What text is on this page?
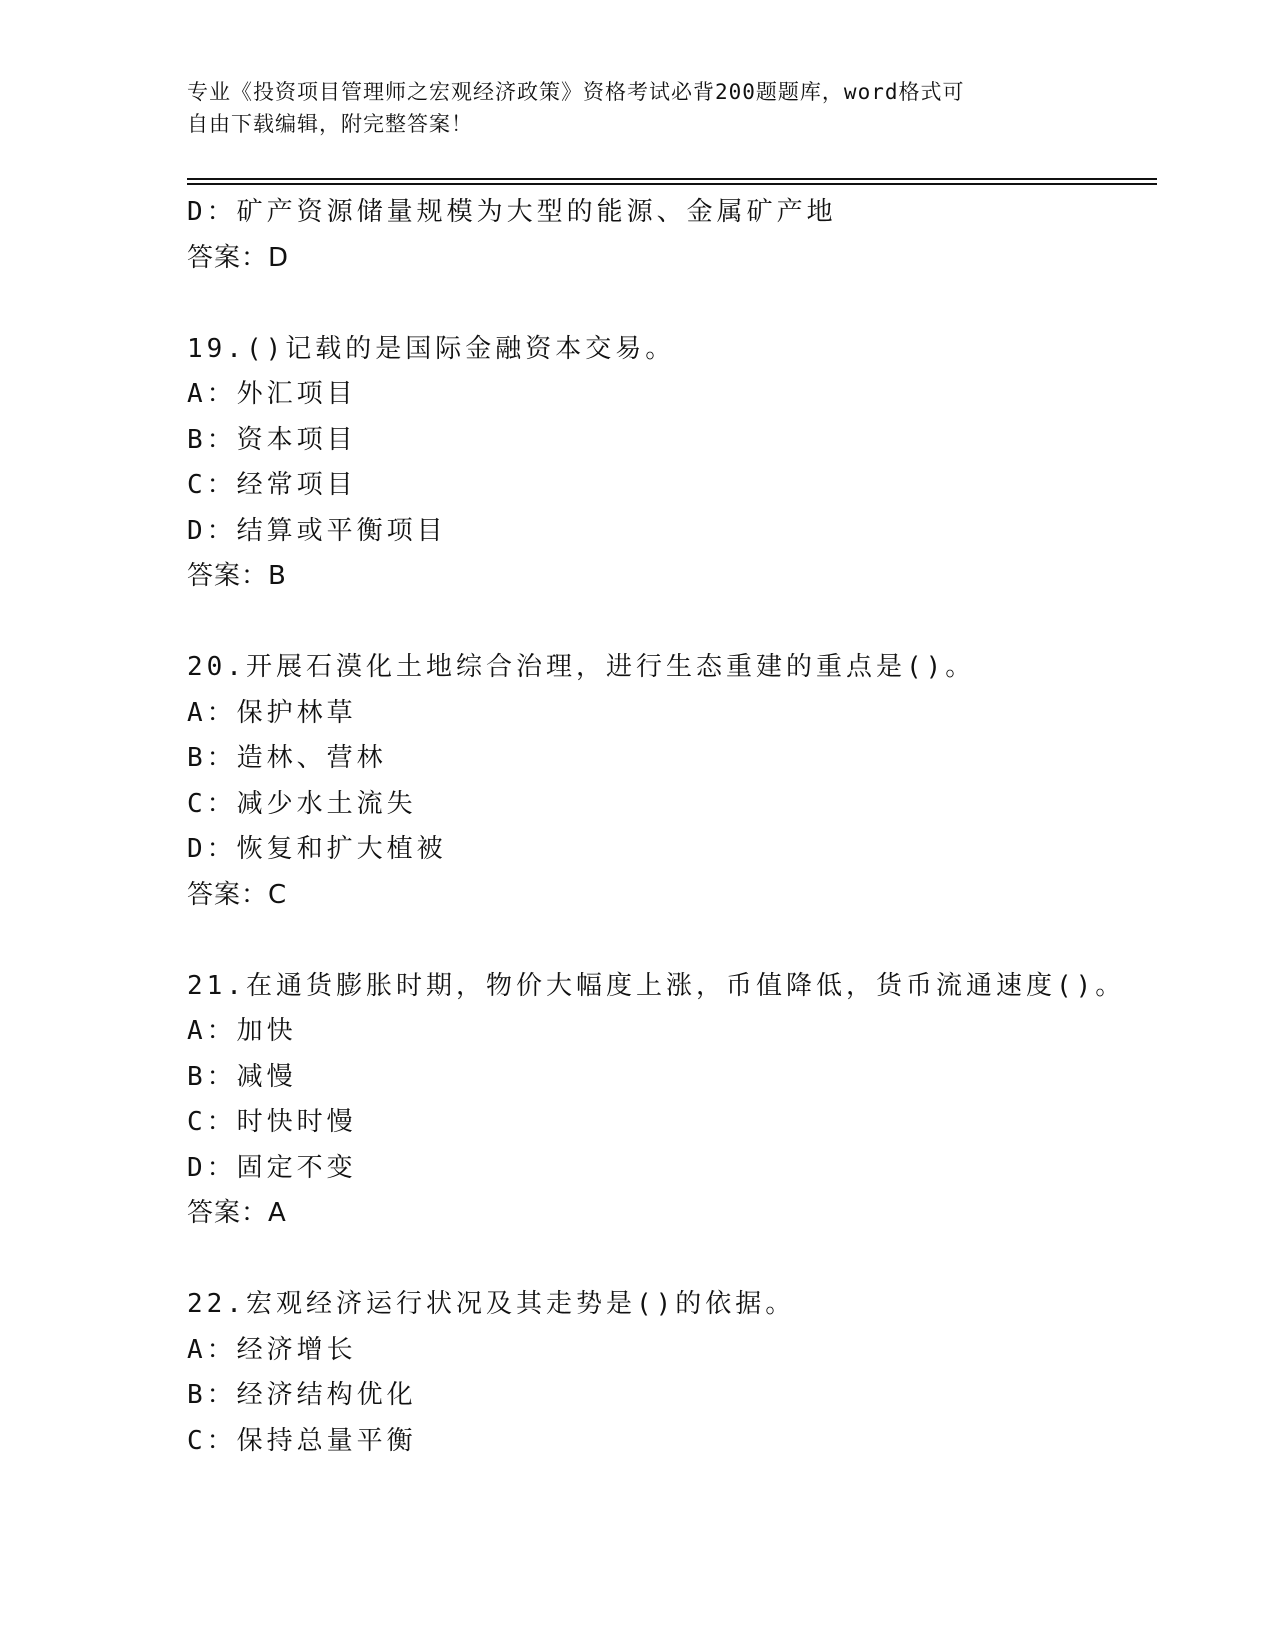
专业《投资项目管理师之宏观经济政策》资格考试必背200题题库，word格式可
自由下载编辑，附完整答案！
D：矿产资源储量规模为大型的能源、金属矿产地
答案：D
19.()记载的是国际金融资本交易。
A：外汇项目
B：资本项目
C：经常项目
D：结算或平衡项目
答案：B
20.开展石漠化土地综合治理，进行生态重建的重点是()。
A：保护林草
B：造林、营林
C：减少水土流失
D：恢复和扩大植被
答案：C
21.在通货膨胀时期，物价大幅度上涨，币值降低，货币流通速度()。
A：加快
B：减慢
C：时快时慢
D：固定不变
答案：A
22.宏观经济运行状况及其走势是()的依据。
A：经济增长
B：经济结构优化
C：保持总量平衡
